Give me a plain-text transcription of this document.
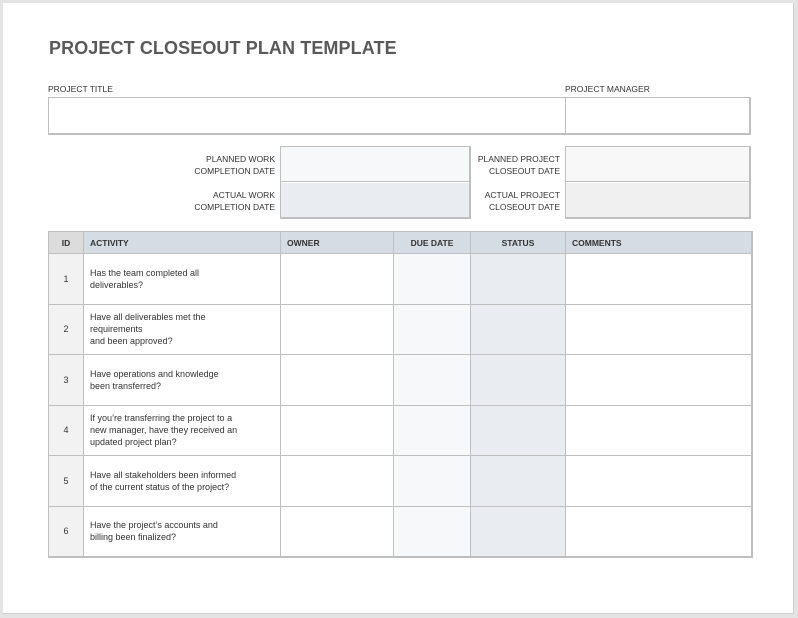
PROJECT CLOSEOUT PLAN TEMPLATE
PROJECT TITLE	PROJECT MANAGER
PLANNED WORK
COMPLETION DATE
ACTUAL WORK
COMPLETION DATE
PLANNED PROJECT
CLOSEOUT DATE
ACTUAL PROJECT
CLOSEOUT DATE
ID	ACTIVITY	OWNER	DUE DATE	STATUS	COMMENTS
1	Has the team completed all
deliverables?				

2	Have all deliverables met the
requirements
and been approved?				

3	Have operations and knowledge
been transferred?				

4	If you’re transferring the project to a
new manager, have they received an
updated project plan?				

5	Have all stakeholders been informed
of the current status of the project?				

6	Have the project’s accounts and
billing been finalized?				
